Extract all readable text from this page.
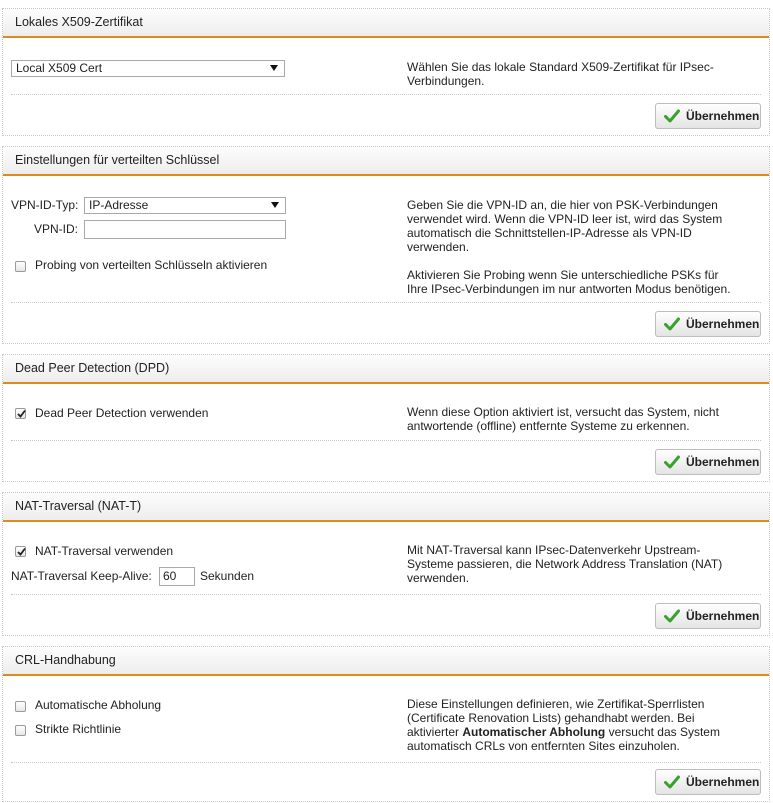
Lokales X509-Zertifikat
Local X509 Cert	Wählen Sie das lokale Standard X509-Zertifikat für IPsec-Verbindungen.

Übernehmen
Einstellungen für verteilten Schlüssel
VPN-ID-Typ: IP-Adresse
VPN-ID:
Probing von verteilten Schlüsseln aktivieren

Geben Sie die VPN-ID an, die hier von PSK-Verbindungen verwendet wird. Wenn die VPN-ID leer ist, wird das System automatisch die Schnittstellen-IP-Adresse als VPN-ID verwenden.

Aktivieren Sie Probing wenn Sie unterschiedliche PSKs für Ihre IPsec-Verbindungen im nur antworten Modus benötigen.

Übernehmen
Dead Peer Detection (DPD)
Dead Peer Detection verwenden	Wenn diese Option aktiviert ist, versucht das System, nicht antwortende (offline) entfernte Systeme zu erkennen.

Übernehmen
NAT-Traversal (NAT-T)
NAT-Traversal verwenden
NAT-Traversal Keep-Alive: 60	Sekunden

Mit NAT-Traversal kann IPsec-Datenverkehr Upstream-Systeme passieren, die Network Address Translation (NAT) verwenden.

Übernehmen
CRL-Handhabung
Automatische Abholung
Strikte Richtlinie

Diese Einstellungen definieren, wie Zertifikat-Sperrlisten (Certificate Renovation Lists) gehandhabt werden. Bei aktivierter Automatischer Abholung versucht das System automatisch CRLs von entfernten Sites einzuholen.

Übernehmen
